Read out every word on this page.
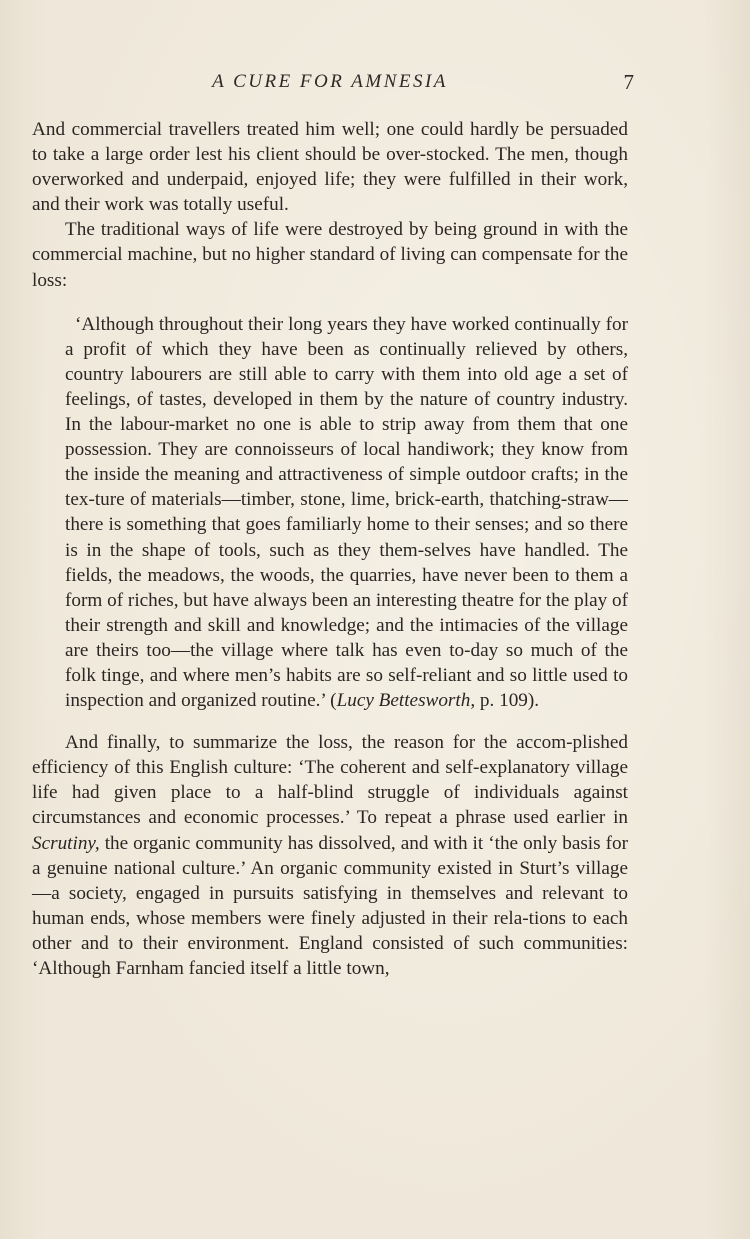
A CURE FOR AMNESIA	7

And commercial travellers treated him well; one could hardly be persuaded to take a large order lest his client should be over-stocked. The men, though overworked and underpaid, enjoyed life; they were fulfilled in their work, and their work was totally useful.

The traditional ways of life were destroyed by being ground in with the commercial machine, but no higher standard of living can compensate for the loss:

‘Although throughout their long years they have worked continually for a profit of which they have been as continually relieved by others, country labourers are still able to carry with them into old age a set of feelings, of tastes, developed in them by the nature of country industry. In the labour-market no one is able to strip away from them that one possession. They are connoisseurs of local handiwork; they know from the inside the meaning and attractiveness of simple outdoor crafts; in the tex-ture of materials—timber, stone, lime, brick-earth, thatching-straw—there is something that goes familiarly home to their senses; and so there is in the shape of tools, such as they them-selves have handled. The fields, the meadows, the woods, the quarries, have never been to them a form of riches, but have always been an interesting theatre for the play of their strength and skill and knowledge; and the intimacies of the village are theirs too—the village where talk has even to-day so much of the folk tinge, and where men’s habits are so self-reliant and so little used to inspection and organized routine.’ (Lucy Bettesworth, p. 109).

And finally, to summarize the loss, the reason for the accom-plished efficiency of this English culture: ‘The coherent and self-explanatory village life had given place to a half-blind struggle of individuals against circumstances and economic processes.’ To repeat a phrase used earlier in Scrutiny, the organic community has dissolved, and with it ‘the only basis for a genuine national culture.’ An organic community existed in Sturt’s village—a society, engaged in pursuits satisfying in themselves and relevant to human ends, whose members were finely adjusted in their rela-tions to each other and to their environment. England consisted of such communities: ‘Although Farnham fancied itself a little town,
